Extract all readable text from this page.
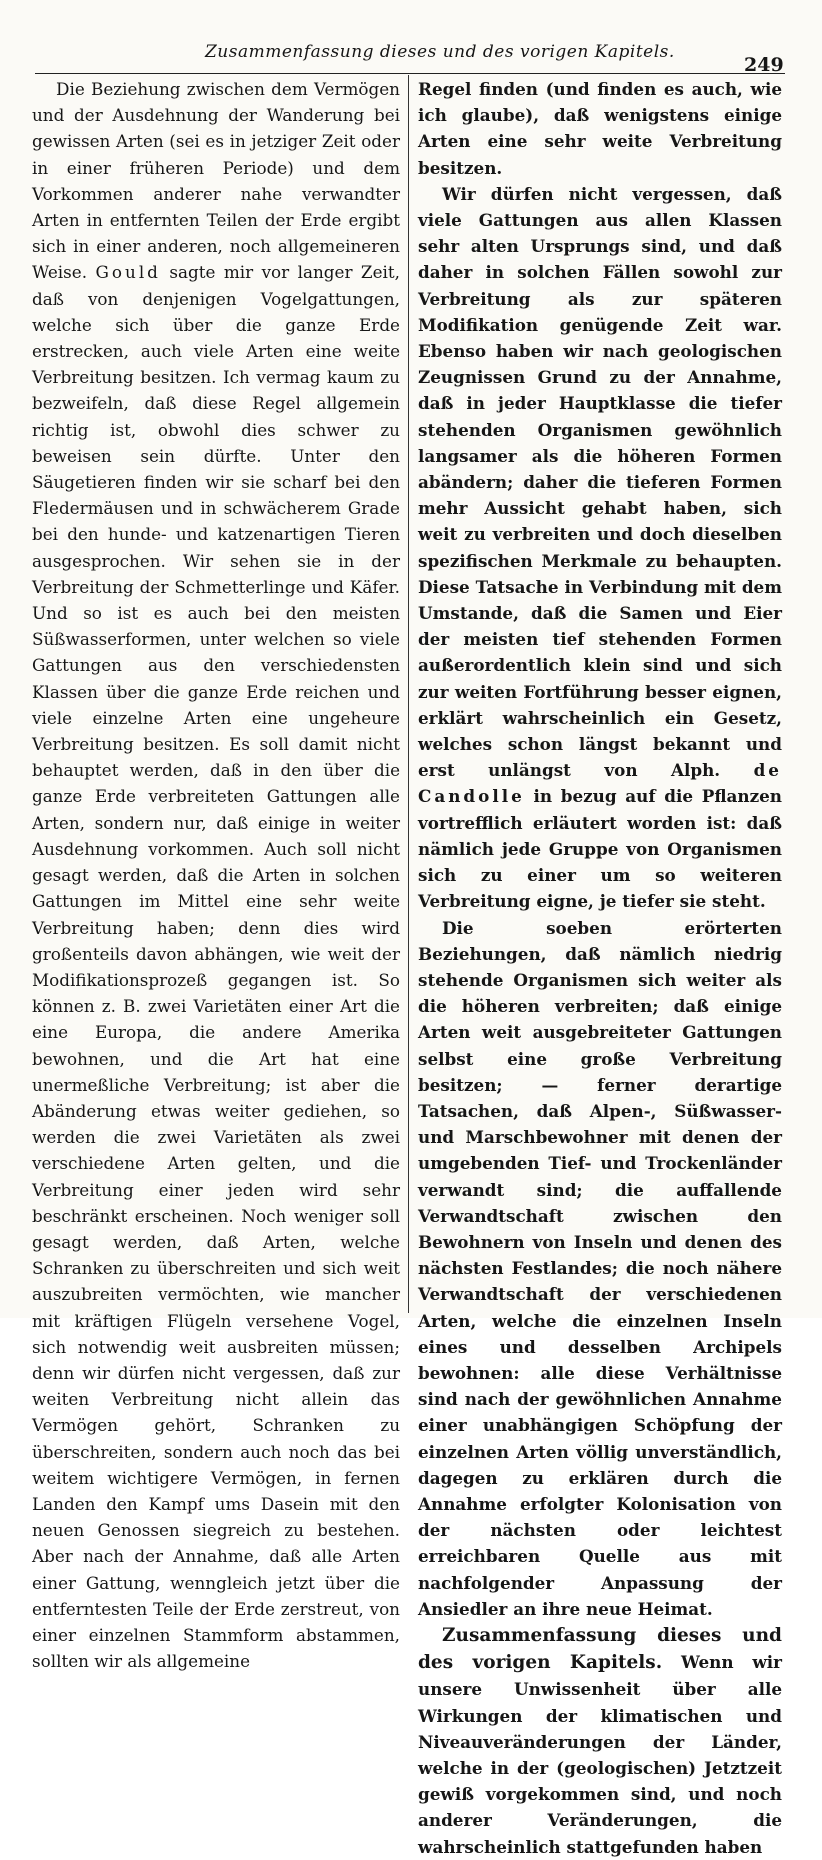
Zusammenfassung dieses und des vorigen Kapitels.
249

Die Beziehung zwischen dem Vermögen und der Ausdehnung der Wanderung bei gewissen Arten (sei es in jetziger Zeit oder in einer früheren Periode) und dem Vorkommen anderer nahe verwandter Arten in entfernten Teilen der Erde ergibt sich in einer anderen, noch allgemeineren Weise. Gould sagte mir vor langer Zeit, daß von denjenigen Vogelgattungen, welche sich über die ganze Erde erstrecken, auch viele Arten eine weite Verbreitung besitzen. Ich vermag kaum zu bezweifeln, daß diese Regel allgemein richtig ist, obwohl dies schwer zu beweisen sein dürfte. Unter den Säugetieren finden wir sie scharf bei den Fledermäusen und in schwächerem Grade bei den hunde- und katzenartigen Tieren ausgesprochen. Wir sehen sie in der Verbreitung der Schmetterlinge und Käfer. Und so ist es auch bei den meisten Süßwasserformen, unter welchen so viele Gattungen aus den verschiedensten Klassen über die ganze Erde reichen und viele einzelne Arten eine ungeheure Verbreitung besitzen. Es soll damit nicht behauptet werden, daß in den über die ganze Erde verbreiteten Gattungen alle Arten, sondern nur, daß einige in weiter Ausdehnung vorkommen. Auch soll nicht gesagt werden, daß die Arten in solchen Gattungen im Mittel eine sehr weite Verbreitung haben; denn dies wird großenteils davon abhängen, wie weit der Modifikationsprozeß gegangen ist. So können z. B. zwei Varietäten einer Art die eine Europa, die andere Amerika bewohnen, und die Art hat eine unermeßliche Verbreitung; ist aber die Abänderung etwas weiter gediehen, so werden die zwei Varietäten als zwei verschiedene Arten gelten, und die Verbreitung einer jeden wird sehr beschränkt erscheinen. Noch weniger soll gesagt werden, daß Arten, welche Schranken zu überschreiten und sich weit auszubreiten vermöchten, wie mancher mit kräftigen Flügeln versehene Vogel, sich notwendig weit ausbreiten müssen; denn wir dürfen nicht vergessen, daß zur weiten Verbreitung nicht allein das Vermögen gehört, Schranken zu überschreiten, sondern auch noch das bei weitem wichtigere Vermögen, in fernen Landen den Kampf ums Dasein mit den neuen Genossen siegreich zu bestehen. Aber nach der Annahme, daß alle Arten einer Gattung, wenngleich jetzt über die entferntesten Teile der Erde zerstreut, von einer einzelnen Stammform abstammen, sollten wir als allgemeine

Regel finden (und finden es auch, wie ich glaube), daß wenigstens einige Arten eine sehr weite Verbreitung besitzen.

Wir dürfen nicht vergessen, daß viele Gattungen aus allen Klassen sehr alten Ursprungs sind, und daß daher in solchen Fällen sowohl zur Verbreitung als zur späteren Modifikation genügende Zeit war. Ebenso haben wir nach geologischen Zeugnissen Grund zu der Annahme, daß in jeder Hauptklasse die tiefer stehenden Organismen gewöhnlich langsamer als die höheren Formen abändern; daher die tieferen Formen mehr Aussicht gehabt haben, sich weit zu verbreiten und doch dieselben spezifischen Merkmale zu behaupten. Diese Tatsache in Verbindung mit dem Umstande, daß die Samen und Eier der meisten tief stehenden Formen außerordentlich klein sind und sich zur weiten Fortführung besser eignen, erklärt wahrscheinlich ein Gesetz, welches schon längst bekannt und erst unlängst von Alph. de Candolle in bezug auf die Pflanzen vortrefflich erläutert worden ist: daß nämlich jede Gruppe von Organismen sich zu einer um so weiteren Verbreitung eigne, je tiefer sie steht.

Die soeben erörterten Beziehungen, daß nämlich niedrig stehende Organismen sich weiter als die höheren verbreiten; daß einige Arten weit ausgebreiteter Gattungen selbst eine große Verbreitung besitzen; — ferner derartige Tatsachen, daß Alpen-, Süßwasser- und Marschbewohner mit denen der umgebenden Tief- und Trockenländer verwandt sind; die auffallende Verwandtschaft zwischen den Bewohnern von Inseln und denen des nächsten Festlandes; die noch nähere Verwandtschaft der verschiedenen Arten, welche die einzelnen Inseln eines und desselben Archipels bewohnen: alle diese Verhältnisse sind nach der gewöhnlichen Annahme einer unabhängigen Schöpfung der einzelnen Arten völlig unverständlich, dagegen zu erklären durch die Annahme erfolgter Kolonisation von der nächsten oder leichtest erreichbaren Quelle aus mit nachfolgender Anpassung der Ansiedler an ihre neue Heimat.

Zusammenfassung dieses und des vorigen Kapitels. Wenn wir unsere Unwissenheit über alle Wirkungen der klimatischen und Niveauveränderungen der Länder, welche in der (geologischen) Jetztzeit gewiß vorgekommen sind, und noch anderer Veränderungen, die wahrscheinlich stattgefunden haben
